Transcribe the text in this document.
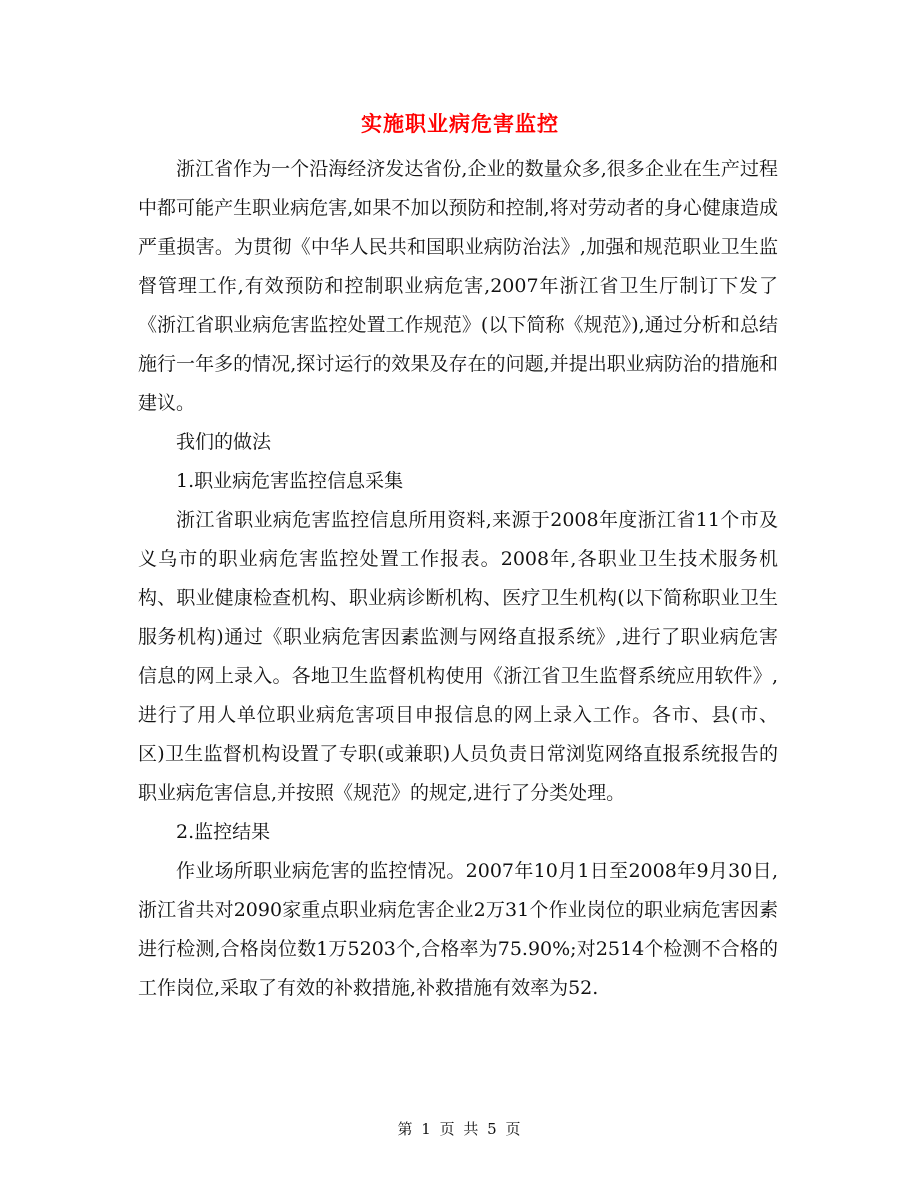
实施职业病危害监控

浙江省作为一个沿海经济发达省份,企业的数量众多,很多企业在生产过程中都可能产生职业病危害,如果不加以预防和控制,将对劳动者的身心健康造成严重损害。为贯彻《中华人民共和国职业病防治法》,加强和规范职业卫生监督管理工作,有效预防和控制职业病危害,2007年浙江省卫生厅制订下发了《浙江省职业病危害监控处置工作规范》(以下简称《规范》),通过分析和总结施行一年多的情况,探讨运行的效果及存在的问题,并提出职业病防治的措施和建议。

我们的做法

1.职业病危害监控信息采集

浙江省职业病危害监控信息所用资料,来源于2008年度浙江省11个市及义乌市的职业病危害监控处置工作报表。2008年,各职业卫生技术服务机构、职业健康检查机构、职业病诊断机构、医疗卫生机构(以下简称职业卫生服务机构)通过《职业病危害因素监测与网络直报系统》,进行了职业病危害信息的网上录入。各地卫生监督机构使用《浙江省卫生监督系统应用软件》,进行了用人单位职业病危害项目申报信息的网上录入工作。各市、县(市、区)卫生监督机构设置了专职(或兼职)人员负责日常浏览网络直报系统报告的职业病危害信息,并按照《规范》的规定,进行了分类处理。

2.监控结果

作业场所职业病危害的监控情况。2007年10月1日至2008年9月30日,浙江省共对2090家重点职业病危害企业2万31个作业岗位的职业病危害因素进行检测,合格岗位数1万5203个,合格率为75.90%;对2514个检测不合格的工作岗位,采取了有效的补救措施,补救措施有效率为52.

第 1 页 共 5 页
